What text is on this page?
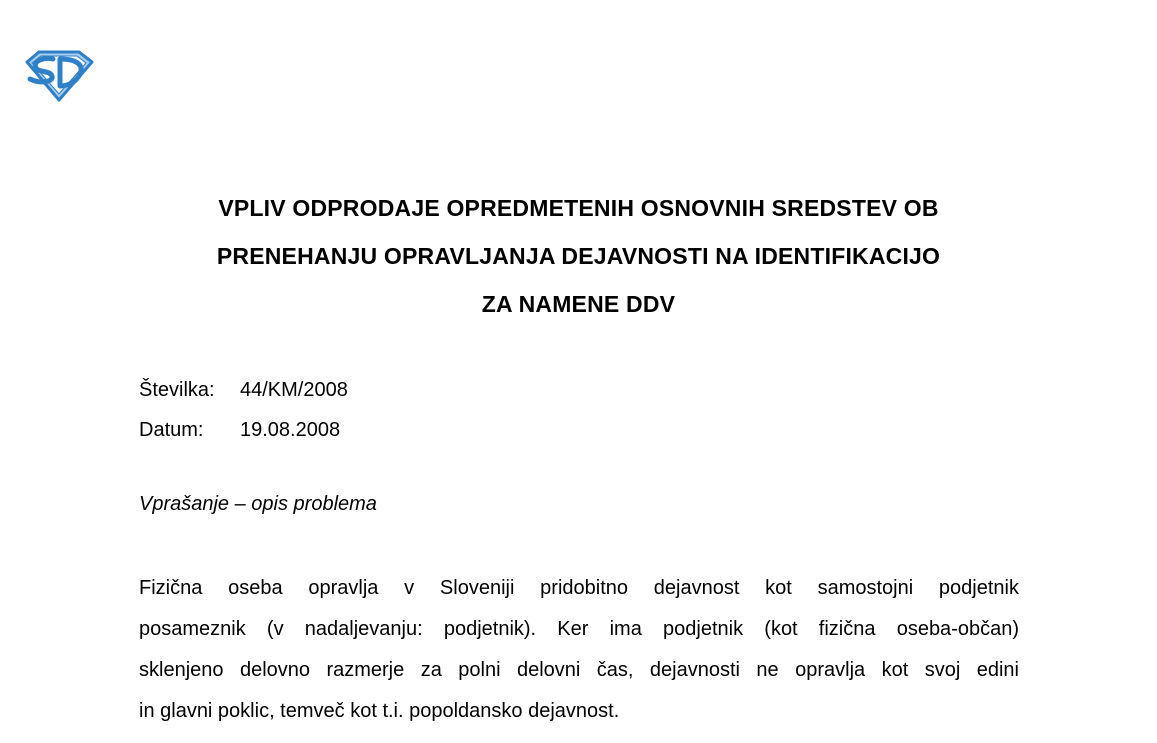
VPLIV ODPRODAJE OPREDMETENIH OSNOVNIH SREDSTEV OB
PRENEHANJU OPRAVLJANJA DEJAVNOSTI NA IDENTIFIKACIJO
ZA NAMENE DDV
Številka:	44/KM/2008
Datum:	19.08.2008
Vprašanje – opis problema
Fizična oseba opravlja v Sloveniji pridobitno dejavnost kot samostojni podjetnik
posameznik (v nadaljevanju: podjetnik). Ker ima podjetnik (kot fizična oseba-občan)
sklenjeno delovno razmerje za polni delovni čas, dejavnosti ne opravlja kot svoj edini
in glavni poklic, temveč kot t.i. popoldansko dejavnost.
